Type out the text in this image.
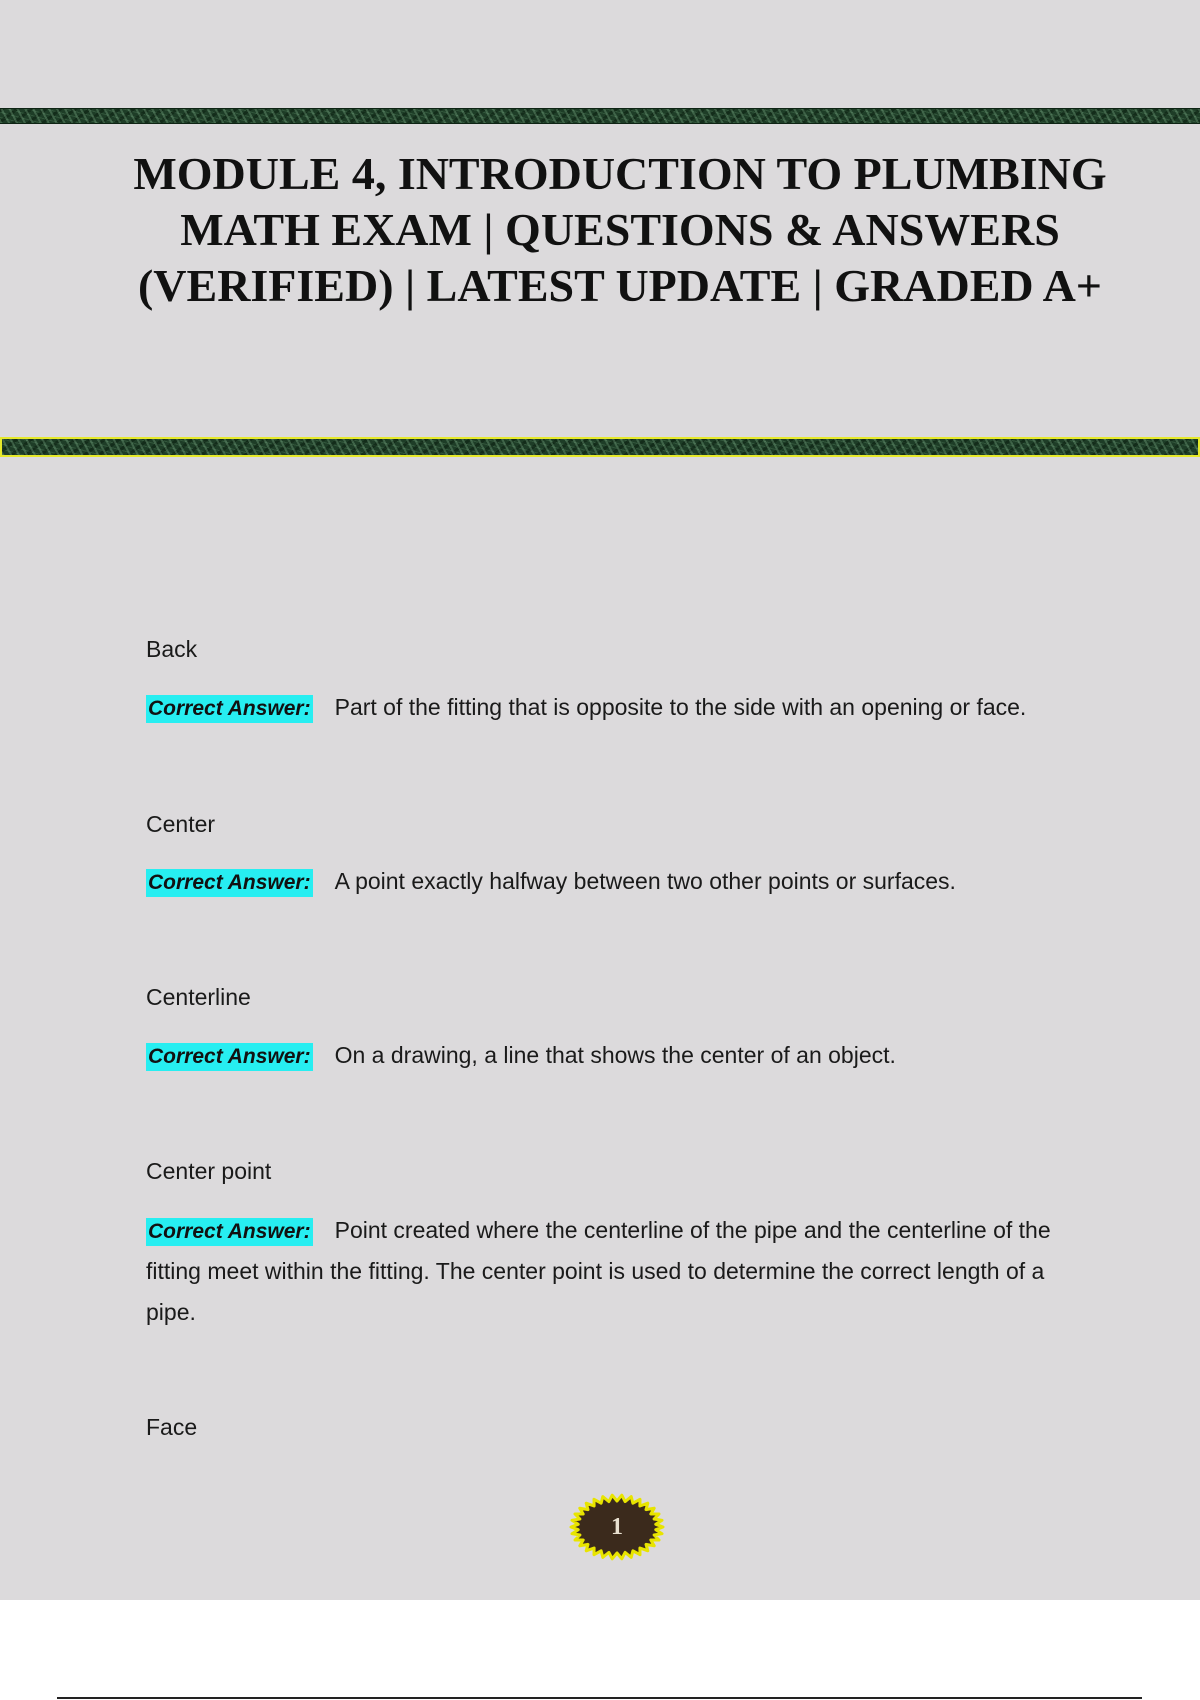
MODULE 4, INTRODUCTION TO PLUMBING MATH EXAM | QUESTIONS & ANSWERS (VERIFIED) | LATEST UPDATE | GRADED A+
Back
Correct Answer: Part of the fitting that is opposite to the side with an opening or face.
Center
Correct Answer: A point exactly halfway between two other points or surfaces.
Centerline
Correct Answer: On a drawing, a line that shows the center of an object.
Center point
Correct Answer: Point created where the centerline of the pipe and the centerline of the fitting meet within the fitting. The center point is used to determine the correct length of a pipe.
Face
1
